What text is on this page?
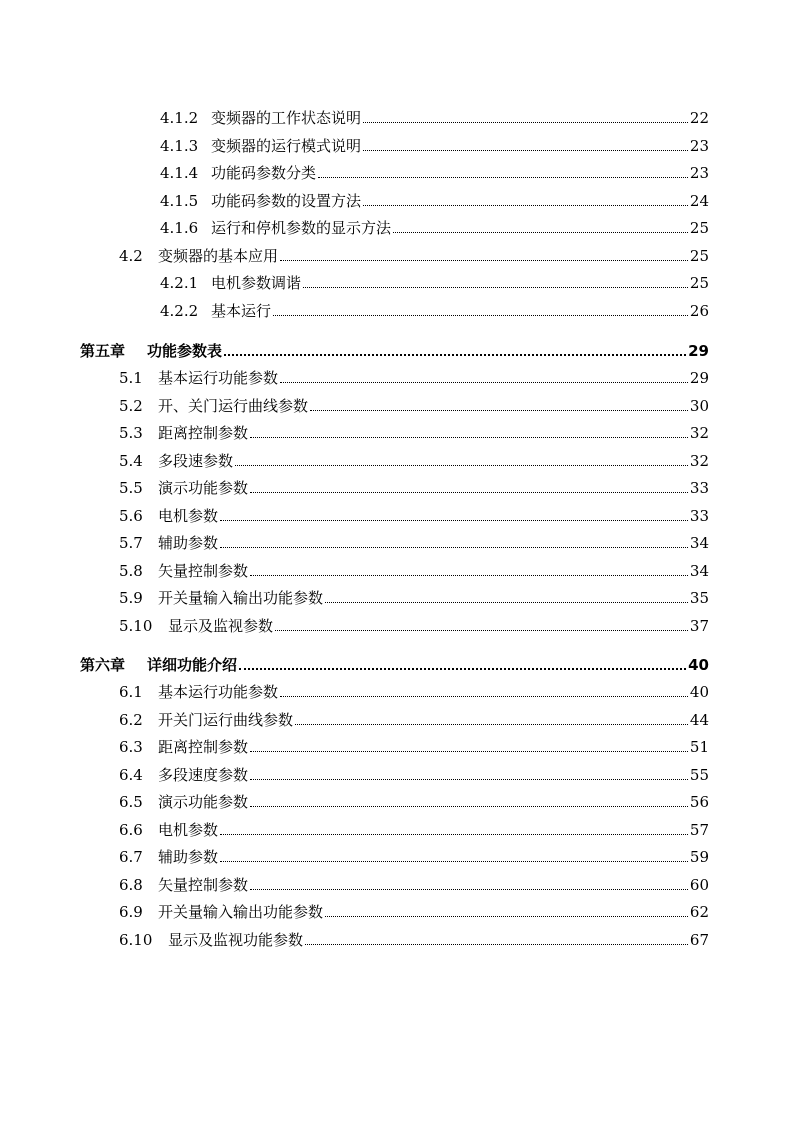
4.1.2 变频器的工作状态说明	22
4.1.3 变频器的运行模式说明	23
4.1.4 功能码参数分类	23
4.1.5 功能码参数的设置方法	24
4.1.6 运行和停机参数的显示方法	25
4.2	变频器的基本应用	25
4.2.1 电机参数调谐	25
4.2.2 基本运行	26
第五章	功能参数表	29
5.1	基本运行功能参数	29
5.2	开、关门运行曲线参数	30
5.3	距离控制参数	32
5.4	多段速参数	32
5.5	演示功能参数	33
5.6	电机参数	33
5.7	辅助参数	34
5.8	矢量控制参数	34
5.9	开关量输入输出功能参数	35
5.10	显示及监视参数	37
第六章	详细功能介绍	40
6.1	基本运行功能参数	40
6.2	开关门运行曲线参数	44
6.3	距离控制参数	51
6.4	多段速度参数	55
6.5	演示功能参数	56
6.6	电机参数	57
6.7	辅助参数	59
6.8	矢量控制参数	60
6.9	开关量输入输出功能参数	62
6.10	显示及监视功能参数	67
